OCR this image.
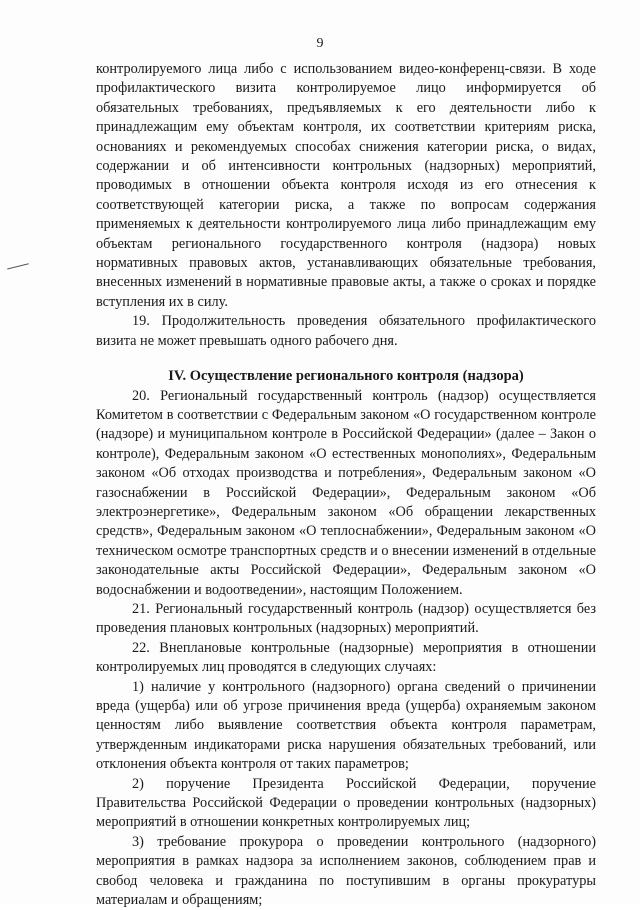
9

контролируемого лица либо с использованием видео-конференц-связи. В ходе профилактического визита контролируемое лицо информируется об обязательных требованиях, предъявляемых к его деятельности либо к принадлежащим ему объектам контроля, их соответствии критериям риска, основаниях и рекомендуемых способах снижения категории риска, о видах, содержании и об интенсивности контрольных (надзорных) мероприятий, проводимых в отношении объекта контроля исходя из его отнесения к соответствующей категории риска, а также по вопросам содержания применяемых к деятельности контролируемого лица либо принадлежащим ему объектам регионального государственного контроля (надзора) новых нормативных правовых актов, устанавливающих обязательные требования, внесенных изменений в нормативные правовые акты, а также о сроках и порядке вступления их в силу.

19. Продолжительность проведения обязательного профилактического визита не может превышать одного рабочего дня.

IV. Осуществление регионального контроля (надзора)

20. Региональный государственный контроль (надзор) осуществляется Комитетом в соответствии с Федеральным законом «О государственном контроле (надзоре) и муниципальном контроле в Российской Федерации» (далее – Закон о контроле), Федеральным законом «О естественных монополиях», Федеральным законом «Об отходах производства и потребления», Федеральным законом «О газоснабжении в Российской Федерации», Федеральным законом «Об электроэнергетике», Федеральным законом «Об обращении лекарственных средств», Федеральным законом «О теплоснабжении», Федеральным законом «О техническом осмотре транспортных средств и о внесении изменений в отдельные законодательные акты Российской Федерации», Федеральным законом «О водоснабжении и водоотведении», настоящим Положением.

21. Региональный государственный контроль (надзор) осуществляется без проведения плановых контрольных (надзорных) мероприятий.

22. Внеплановые контрольные (надзорные) мероприятия в отношении контролируемых лиц проводятся в следующих случаях:

1) наличие у контрольного (надзорного) органа сведений о причинении вреда (ущерба) или об угрозе причинения вреда (ущерба) охраняемым законом ценностям либо выявление соответствия объекта контроля параметрам, утвержденным индикаторами риска нарушения обязательных требований, или отклонения объекта контроля от таких параметров;

2) поручение Президента Российской Федерации, поручение Правительства Российской Федерации о проведении контрольных (надзорных) мероприятий в отношении конкретных контролируемых лиц;

3) требование прокурора о проведении контрольного (надзорного) мероприятия в рамках надзора за исполнением законов, соблюдением прав и свобод человека и гражданина по поступившим в органы прокуратуры материалам и обращениям;
